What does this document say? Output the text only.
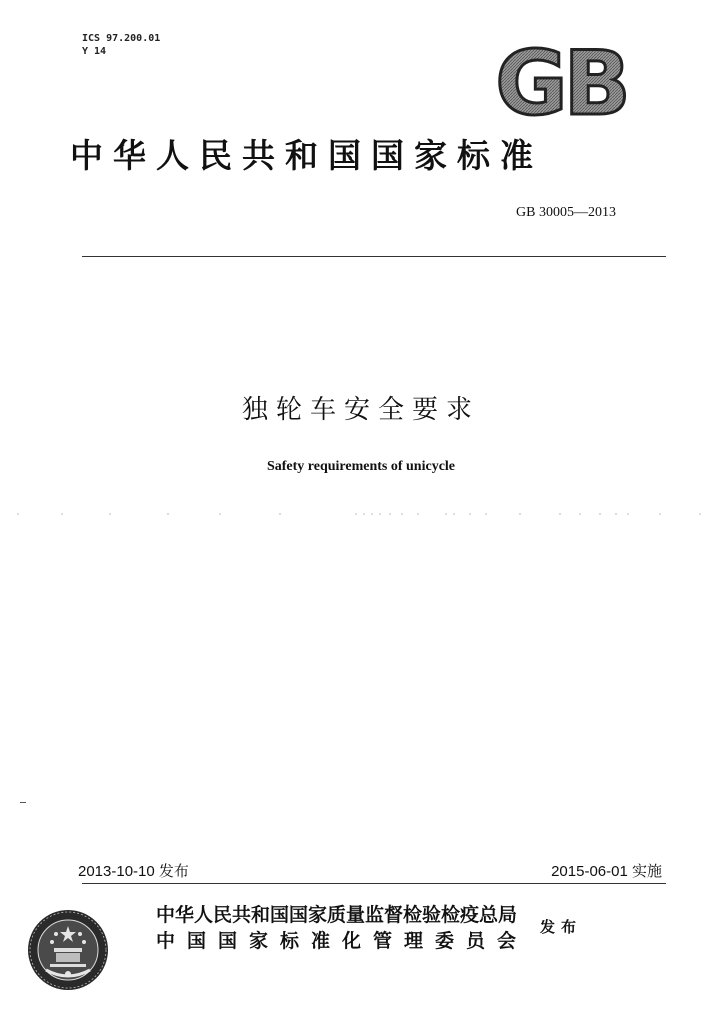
ICS 97.200.01
Y 14	GB
中华人民共和国国家标准
GB 30005—2013
独轮车安全要求
Safety requirements of unicycle
2013-10-10 发布	2015-06-01 实施
中华人民共和国国家质量监督检验检疫总局
中国国家标准化管理委员会
发布
